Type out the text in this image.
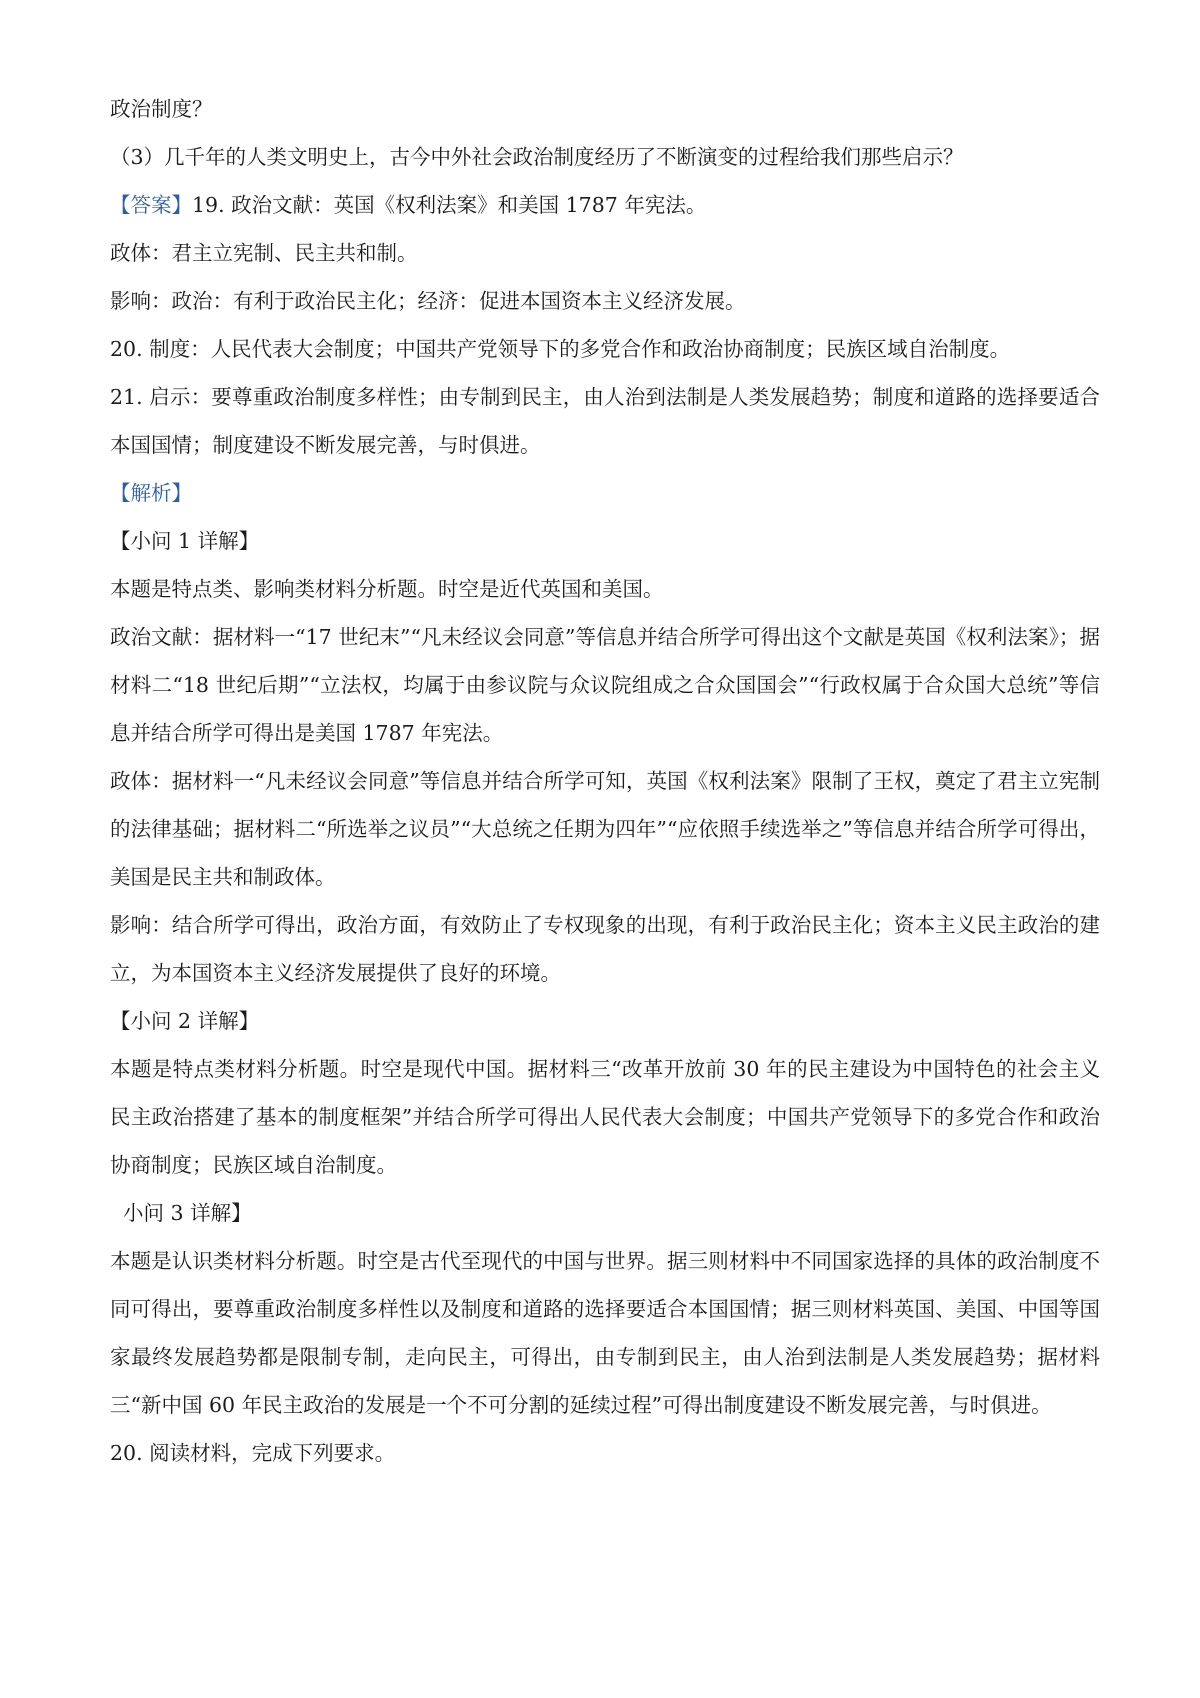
政治制度？
（3）几千年的人类文明史上，古今中外社会政治制度经历了不断演变的过程给我们那些启示？
【答案】19. 政治文献：英国《权利法案》和美国 1787 年宪法。
政体：君主立宪制、民主共和制。
影响：政治：有利于政治民主化；经济：促进本国资本主义经济发展。
20. 制度：人民代表大会制度；中国共产党领导下的多党合作和政治协商制度；民族区域自治制度。
21. 启示：要尊重政治制度多样性；由专制到民主，由人治到法制是人类发展趋势；制度和道路的选择要适合本国国情；制度建设不断发展完善，与时俱进。
【解析】
【小问 1 详解】
本题是特点类、影响类材料分析题。时空是近代英国和美国。
政治文献：据材料一“17 世纪末”“凡未经议会同意”等信息并结合所学可得出这个文献是英国《权利法案》；据材料二“18 世纪后期”“立法权，均属于由参议院与众议院组成之合众国国会”“行政权属于合众国大总统”等信息并结合所学可得出是美国 1787 年宪法。
政体：据材料一“凡未经议会同意”等信息并结合所学可知，英国《权利法案》限制了王权，奠定了君主立宪制的法律基础；据材料二“所选举之议员”“大总统之任期为四年”“应依照手续选举之”等信息并结合所学可得出，美国是民主共和制政体。
影响：结合所学可得出，政治方面，有效防止了专权现象的出现，有利于政治民主化；资本主义民主政治的建立，为本国资本主义经济发展提供了良好的环境。
【小问 2 详解】
本题是特点类材料分析题。时空是现代中国。据材料三“改革开放前 30 年的民主建设为中国特色的社会主义民主政治搭建了基本的制度框架”并结合所学可得出人民代表大会制度；中国共产党领导下的多党合作和政治协商制度；民族区域自治制度。
小问 3 详解】
本题是认识类材料分析题。时空是古代至现代的中国与世界。据三则材料中不同国家选择的具体的政治制度不同可得出，要尊重政治制度多样性以及制度和道路的选择要适合本国国情；据三则材料英国、美国、中国等国家最终发展趋势都是限制专制，走向民主，可得出，由专制到民主，由人治到法制是人类发展趋势；据材料三“新中国 60 年民主政治的发展是一个不可分割的延续过程”可得出制度建设不断发展完善，与时俱进。
20. 阅读材料，完成下列要求。
